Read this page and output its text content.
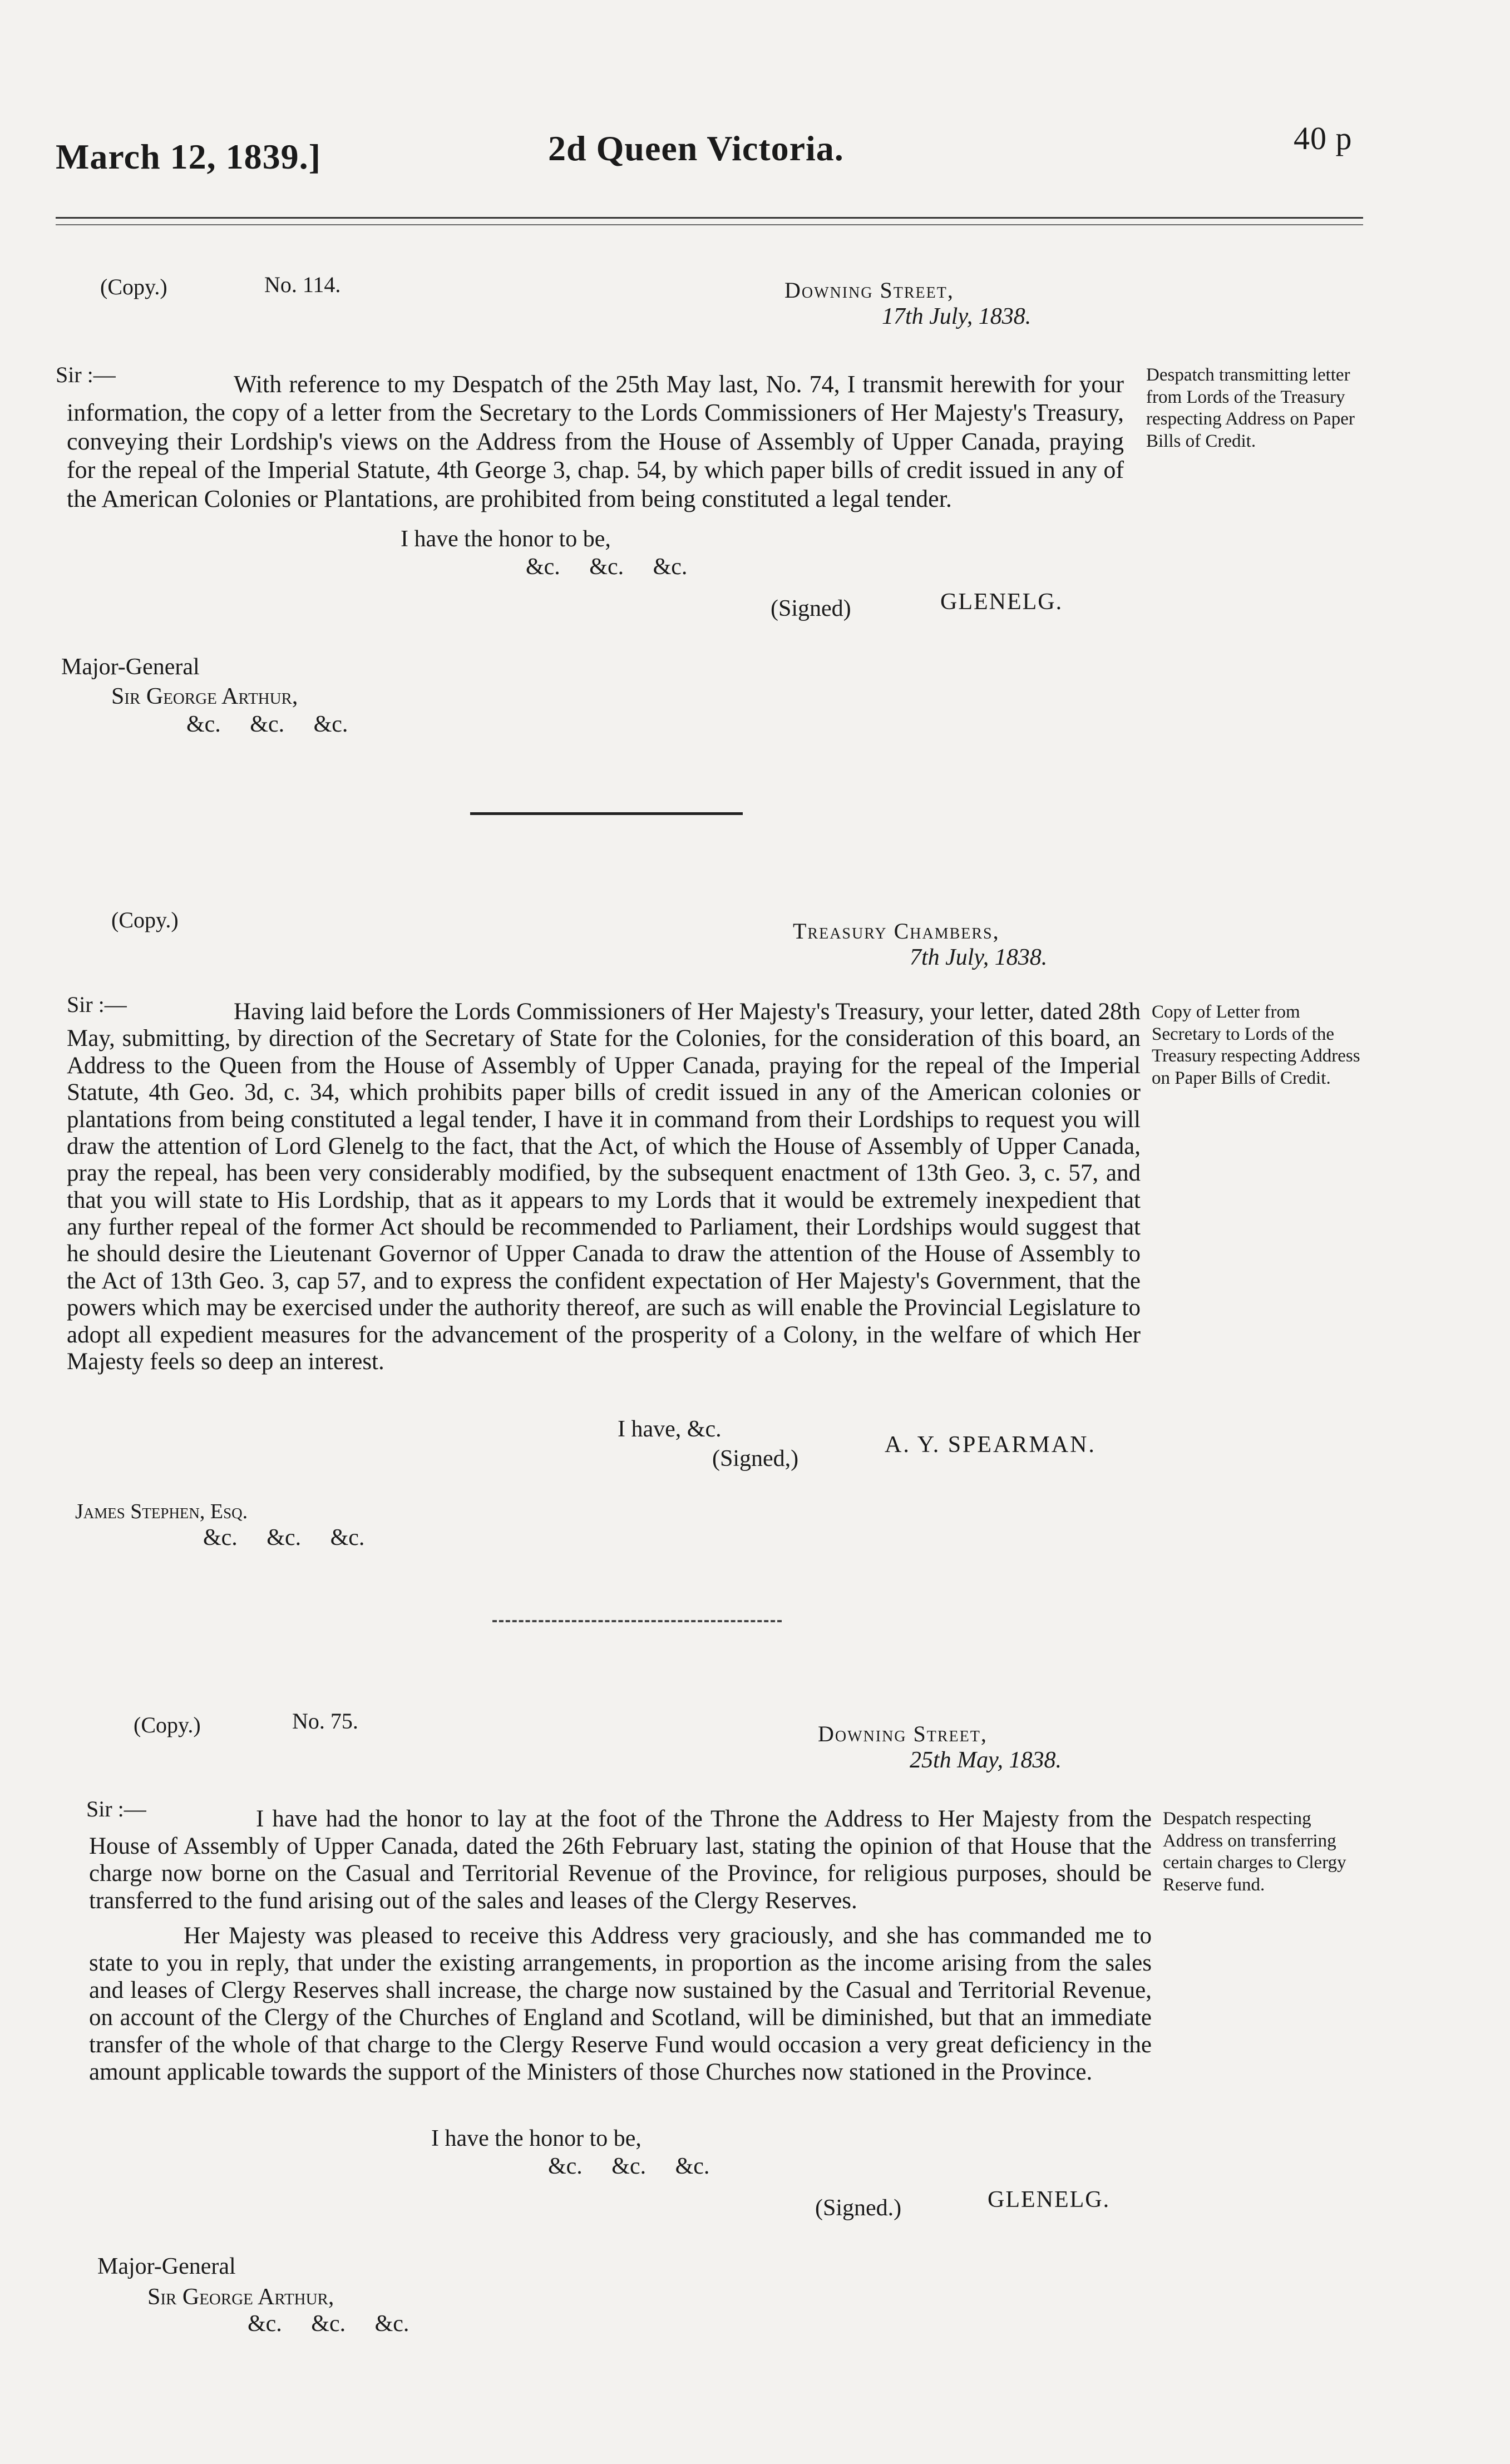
March 12, 1839.]	2d Queen Victoria.	40 p
(Copy.)	No. 114.	Downing Street,
17th July, 1838.
Sir :—	With reference to my Despatch of the 25th May last, No. 74, I transmit herewith for your information, the copy of a letter from the Secretary to the Lords Commissioners of Her Majesty's Treasury, conveying their Lordship's views on the Address from the House of Assembly of Upper Canada, praying for the repeal of the Imperial Statute, 4th George 3, chap. 54, by which paper bills of credit issued in any of the American Colonies or Plantations, are prohibited from being constituted a legal tender.

Despatch transmitting letter from Lords of the Treasury respecting Address on Paper Bills of Credit.
I have the honor to be,
&c.     &c.     &c.
(Signed)	GLENELG.
Major-General
Sir George Arthur,
&c.     &c.     &c.
(Copy.)	Treasury Chambers,
7th July, 1838.
Sir :—	Having laid before the Lords Commissioners of Her Majesty's Treasury, your letter, dated 28th May, submitting, by direction of the Secretary of State for the Colonies, for the consideration of this board, an Address to the Queen from the House of Assembly of Upper Canada, praying for the repeal of the Imperial Statute, 4th Geo. 3d, c. 34, which prohibits paper bills of credit issued in any of the American colonies or plantations from being constituted a legal tender, I have it in command from their Lordships to request you will draw the attention of Lord Glenelg to the fact, that the Act, of which the House of Assembly of Upper Canada, pray the repeal, has been very considerably modified, by the subsequent enactment of 13th Geo. 3, c. 57, and that you will state to His Lordship, that as it appears to my Lords that it would be extremely inexpedient that any further repeal of the former Act should be recommended to Parliament, their Lordships would suggest that he should desire the Lieutenant Governor of Upper Canada to draw the attention of the House of Assembly to the Act of 13th Geo. 3, cap 57, and to express the confident expectation of Her Majesty's Government, that the powers which may be exercised under the authority thereof, are such as will enable the Provincial Legislature to adopt all expedient measures for the advancement of the prosperity of a Colony, in the welfare of which Her Majesty feels so deep an interest.

Copy of Letter from Secretary to Lords of the Treasury respecting Address on Paper Bills of Credit.
I have, &c.
(Signed,)
A. Y. SPEARMAN.
James Stephen, Esq.
&c.     &c.     &c.
(Copy.)	No. 75.
Downing Street,
25th May, 1838.
Sir :—	I have had the honor to lay at the foot of the Throne the Address to Her Majesty from the House of Assembly of Upper Canada, dated the 26th February last, stating the opinion of that House that the charge now borne on the Casual and Territorial Revenue of the Province, for religious purposes, should be transferred to the fund arising out of the sales and leases of the Clergy Reserves.

Her Majesty was pleased to receive this Address very graciously, and she has commanded me to state to you in reply, that under the existing arrangements, in proportion as the income arising from the sales and leases of Clergy Reserves shall increase, the charge now sustained by the Casual and Territorial Revenue, on account of the Clergy of the Churches of England and Scotland, will be diminished, but that an immediate transfer of the whole of that charge to the Clergy Reserve Fund would occasion a very great deficiency in the amount applicable towards the support of the Ministers of those Churches now stationed in the Province.

Despatch respecting Address on transferring certain charges to Clergy Reserve fund.
I have the honor to be,
&c.     &c.     &c.
(Signed.)	GLENELG.
Major-General
Sir George Arthur,
&c.     &c.     &c.
